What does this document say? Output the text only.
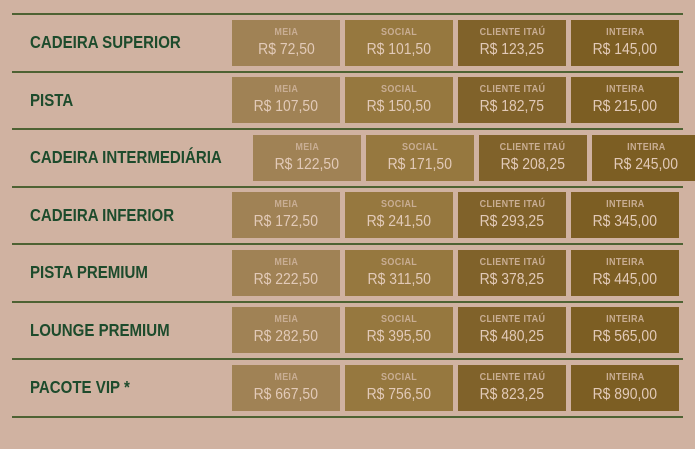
CADEIRA SUPERIOR	MEIA
R$ 72,50
SOCIAL
R$ 101,50
CLIENTE ITAÚ
R$ 123,25
INTEIRA
R$ 145,00
PISTA	MEIA
R$ 107,50
SOCIAL
R$ 150,50
CLIENTE ITAÚ
R$ 182,75
INTEIRA
R$ 215,00
CADEIRA INTERMEDIÁRIA	MEIA
R$ 122,50
SOCIAL
R$ 171,50
CLIENTE ITAÚ
R$ 208,25
INTEIRA
R$ 245,00
CADEIRA INFERIOR	MEIA
R$ 172,50
SOCIAL
R$ 241,50
CLIENTE ITAÚ
R$ 293,25
INTEIRA
R$ 345,00
PISTA PREMIUM	MEIA
R$ 222,50
SOCIAL
R$ 311,50
CLIENTE ITAÚ
R$ 378,25
INTEIRA
R$ 445,00
LOUNGE PREMIUM	MEIA
R$ 282,50
SOCIAL
R$ 395,50
CLIENTE ITAÚ
R$ 480,25
INTEIRA
R$ 565,00
PACOTE VIP *	MEIA
R$ 667,50
SOCIAL
R$ 756,50
CLIENTE ITAÚ
R$ 823,25
INTEIRA
R$ 890,00
